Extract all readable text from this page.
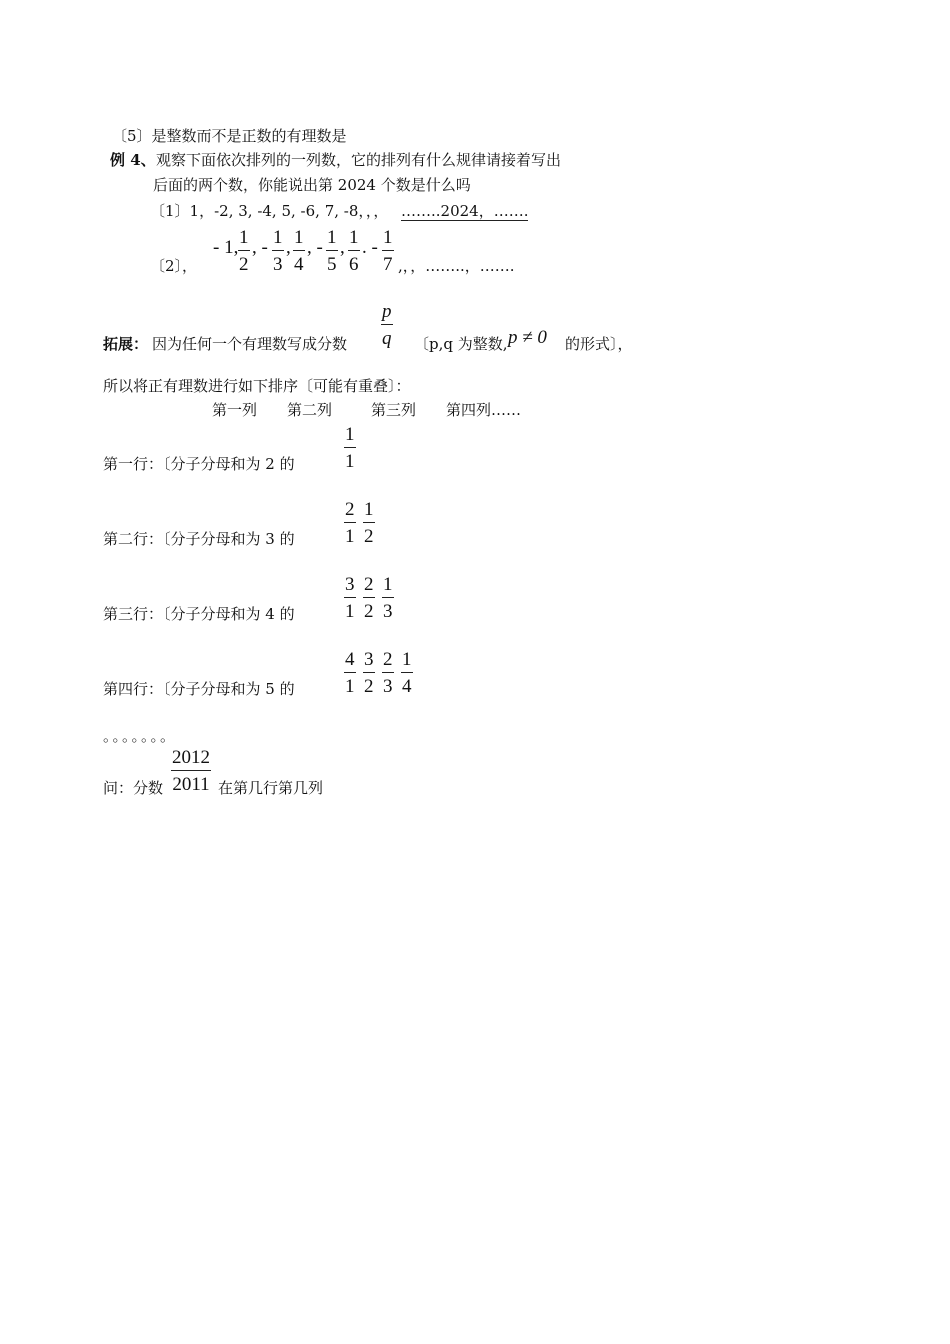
〔5〕是整数而不是正数的有理数是
例 4、 观察下面依次排列的一列数，它的排列有什么规律请接着写出
后面的两个数，你能说出第 2024 个数是什么吗
〔1〕1，-2, 3, -4, 5, -6, 7, -8，，， ……..2024，…….
〔2〕，
- 1, $\frac{1}{2}$ , - $\frac{1}{3}$ , $\frac{1}{4}$ , - $\frac{1}{5}$ , $\frac{1}{6}$ . - $\frac{1}{7}$ ,，，……..，…….
拓展： 因为任何一个有理数写成分数 $\frac{p}{q}$ 〔p,q 为整数, p ≠ 0 的形式〕，
所以将正有理数进行如下排序〔可能有重叠〕：
第一列 第二列	第三列 第四列……
第一行：〔分子分母和为 2 的	$\frac{1}{1}$
第二行：〔分子分母和为 3 的	$\frac{2}{1} \frac{1}{2}$
第三行：〔分子分母和为 4 的	$\frac{3}{1} \frac{2}{2} \frac{1}{3}$
第四行：〔分子分母和为 5 的	$\frac{4}{1} \frac{3}{2} \frac{2}{3} \frac{1}{4}$
。。。。。。。
问：分数 $\frac{2012}{2011}$ 在第几行第几列
